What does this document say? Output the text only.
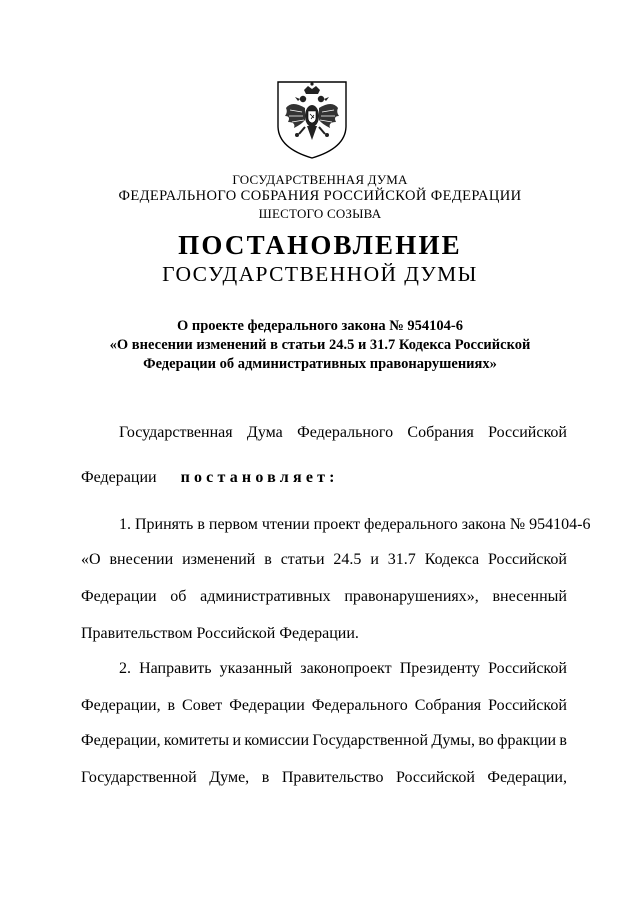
ГОСУДАРСТВЕННАЯ ДУМА
ФЕДЕРАЛЬНОГО СОБРАНИЯ РОССИЙСКОЙ ФЕДЕРАЦИИ
ШЕСТОГО СОЗЫВА
ПОСТАНОВЛЕНИЕ
ГОСУДАРСТВЕННОЙ ДУМЫ
О проекте федерального закона № 954104-6
«О внесении изменений в статьи 24.5 и 31.7 Кодекса Российской
Федерации об административных правонарушениях»
Государственная Дума Федерального Собрания Российской
Федерации постановляет:
1. Принять в первом чтении проект федерального закона № 954104-6
«О внесении изменений в статьи 24.5 и 31.7 Кодекса Российской
Федерации об административных правонарушениях», внесенный
Правительством Российской Федерации.
2. Направить указанный законопроект Президенту Российской
Федерации, в Совет Федерации Федерального Собрания Российской
Федерации, комитеты и комиссии Государственной Думы, во фракции в
Государственной Думе, в Правительство Российской Федерации,
